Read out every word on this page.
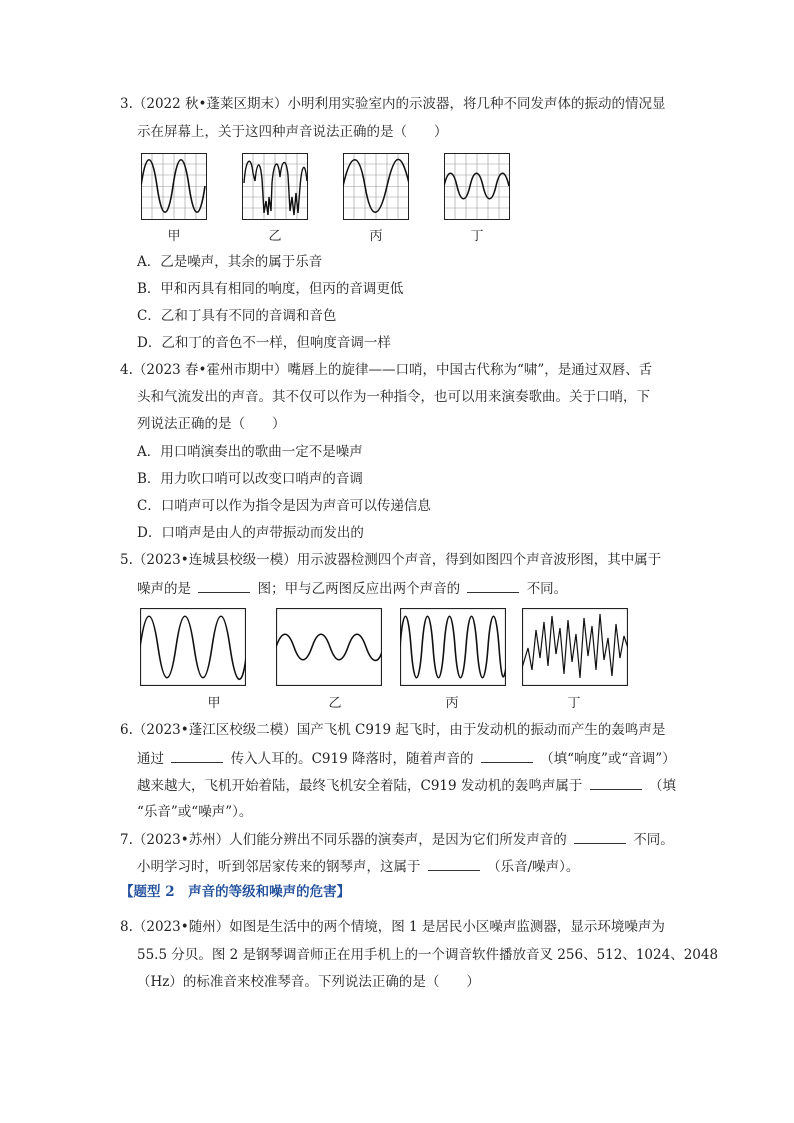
3.（2022 秋•蓬莱区期末）小明利用实验室内的示波器，将几种不同发声体的振动的情况显
示在屏幕上，关于这四种声音说法正确的是（　　）
甲	乙	丙	丁
A．乙是噪声，其余的属于乐音
B．甲和丙具有相同的响度，但丙的音调更低
C．乙和丁具有不同的音调和音色
D．乙和丁的音色不一样，但响度音调一样
4.（2023 春•霍州市期中）嘴唇上的旋律——口哨，中国古代称为“啸”，是通过双唇、舌
头和气流发出的声音。其不仅可以作为一种指令，也可以用来演奏歌曲。关于口哨，下
列说法正确的是（　　）
A．用口哨演奏出的歌曲一定不是噪声
B．用力吹口哨可以改变口哨声的音调
C．口哨声可以作为指令是因为声音可以传递信息
D．口哨声是由人的声带振动而发出的
5.（2023•连城县校级一模）用示波器检测四个声音，得到如图四个声音波形图，其中属于
噪声的是	图；甲与乙两图反应出两个声音的	不同。
甲	乙	丙	丁
6.（2023•蓬江区校级二模）国产飞机 C919 起飞时，由于发动机的振动而产生的轰鸣声是
通过	传入人耳的。C919 降落时，随着声音的	（填“响度”或“音调”）
越来越大，飞机开始着陆，最终飞机安全着陆，C919 发动机的轰鸣声属于	（填
“乐音”或“噪声”）。
7.（2023•苏州）人们能分辨出不同乐器的演奏声，是因为它们所发声音的	不同。
小明学习时，听到邻居家传来的钢琴声，这属于	（乐音/噪声）。
【题型 2　声音的等级和噪声的危害】
8.（2023•随州）如图是生活中的两个情境，图 1 是居民小区噪声监测器，显示环境噪声为
55.5 分贝。图 2 是钢琴调音师正在用手机上的一个调音软件播放音叉 256、512、1024、2048
（Hz）的标准音来校准琴音。下列说法正确的是（　　）
